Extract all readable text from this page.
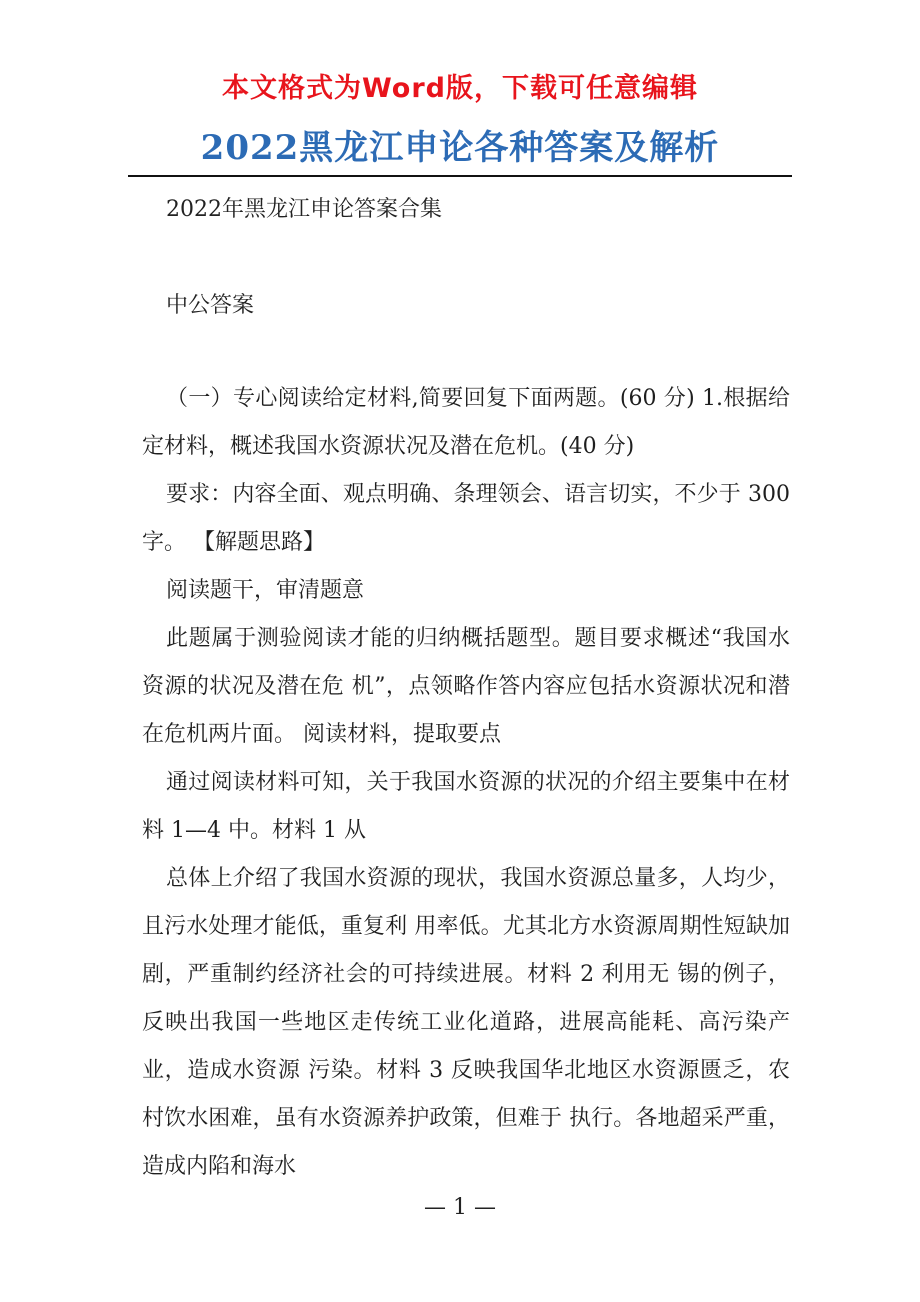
本文格式为Word版，下载可任意编辑
2022黑龙江申论各种答案及解析
2022年黑龙江申论答案合集
中公答案

（一）专心阅读给定材料,简要回复下面两题。(60 分) 1.根据给定材料，概述我国水资源状况及潜在危机。(40 分)

要求：内容全面、观点明确、条理领会、语言切实，不少于 300 字。 【解题思路】

阅读题干，审清题意

此题属于测验阅读才能的归纳概括题型。题目要求概述“我国水资源的状况及潜在危 机”，点领略作答内容应包括水资源状况和潜在危机两片面。 阅读材料，提取要点

通过阅读材料可知，关于我国水资源的状况的介绍主要集中在材料 1—4 中。材料 1 从

总体上介绍了我国水资源的现状，我国水资源总量多，人均少，且污水处理才能低，重复利 用率低。尤其北方水资源周期性短缺加剧，严重制约经济社会的可持续进展。材料 2 利用无 锡的例子，反映出我国一些地区走传统工业化道路，进展高能耗、高污染产业，造成水资源 污染。材料 3 反映我国华北地区水资源匮乏，农村饮水困难，虽有水资源养护政策，但难于 执行。各地超采严重，造成内陷和海水

— 1 —
